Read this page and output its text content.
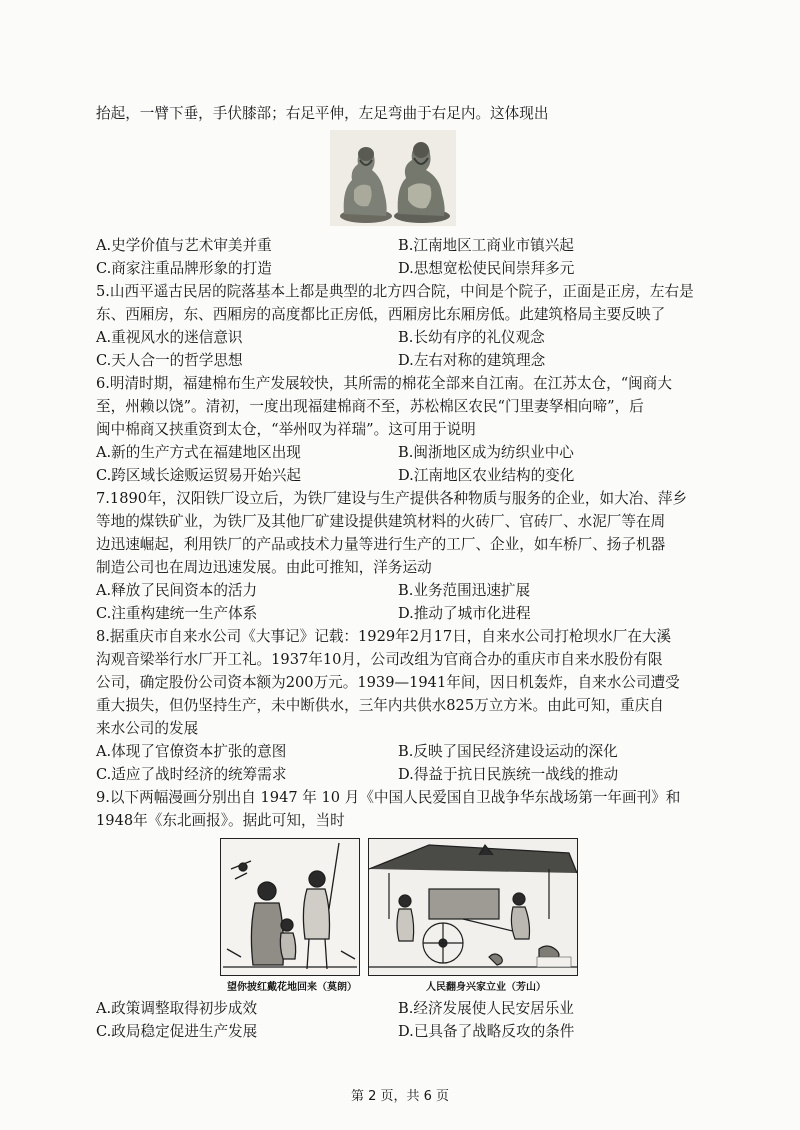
抬起，一臂下垂，手伏膝部；右足平伸，左足弯曲于右足内。这体现出
A.史学价值与艺术审美并重	B.江南地区工商业市镇兴起
C.商家注重品牌形象的打造	D.思想宽松使民间崇拜多元
5.山西平遥古民居的院落基本上都是典型的北方四合院，中间是个院子，正面是正房，左右是
东、西厢房，东、西厢房的高度都比正房低，西厢房比东厢房低。此建筑格局主要反映了
A.重视风水的迷信意识	B.长幼有序的礼仪观念
C.天人合一的哲学思想	D.左右对称的建筑理念
6.明清时期，福建棉布生产发展较快，其所需的棉花全部来自江南。在江苏太仓，“闽商大
至，州赖以饶”。清初，一度出现福建棉商不至，苏松棉区农民“门里妻孥相向啼”，后
闽中棉商又挟重资到太仓，“举州叹为祥瑞”。这可用于说明
A.新的生产方式在福建地区出现	B.闽浙地区成为纺织业中心
C.跨区域长途贩运贸易开始兴起	D.江南地区农业结构的变化
7.1890年，汉阳铁厂设立后，为铁厂建设与生产提供各种物质与服务的企业，如大冶、萍乡
等地的煤铁矿业，为铁厂及其他厂矿建设提供建筑材料的火砖厂、官砖厂、水泥厂等在周
边迅速崛起，利用铁厂的产品或技术力量等进行生产的工厂、企业，如车桥厂、扬子机器
制造公司也在周边迅速发展。由此可推知，洋务运动
A.释放了民间资本的活力	B.业务范围迅速扩展
C.注重构建统一生产体系	D.推动了城市化进程
8.据重庆市自来水公司《大事记》记载：1929年2月17日，自来水公司打枪坝水厂在大溪
沟观音梁举行水厂开工礼。1937年10月，公司改组为官商合办的重庆市自来水股份有限
公司，确定股份公司资本额为200万元。1939—1941年间，因日机轰炸，自来水公司遭受
重大损失，但仍坚持生产，未中断供水，三年内共供水825万立方米。由此可知，重庆自
来水公司的发展
A.体现了官僚资本扩张的意图	B.反映了国民经济建设运动的深化
C.适应了战时经济的统筹需求	D.得益于抗日民族统一战线的推动
9.以下两幅漫画分别出自 1947 年 10 月《中国人民爱国自卫战争华东战场第一年画刊》和
1948年《东北画报》。据此可知，当时
望你披红戴花地回来（莫朗）	人民翻身兴家立业（芳山）
A.政策调整取得初步成效	B.经济发展使人民安居乐业
C.政局稳定促进生产发展	D.已具备了战略反攻的条件
第 2 页，共 6 页
